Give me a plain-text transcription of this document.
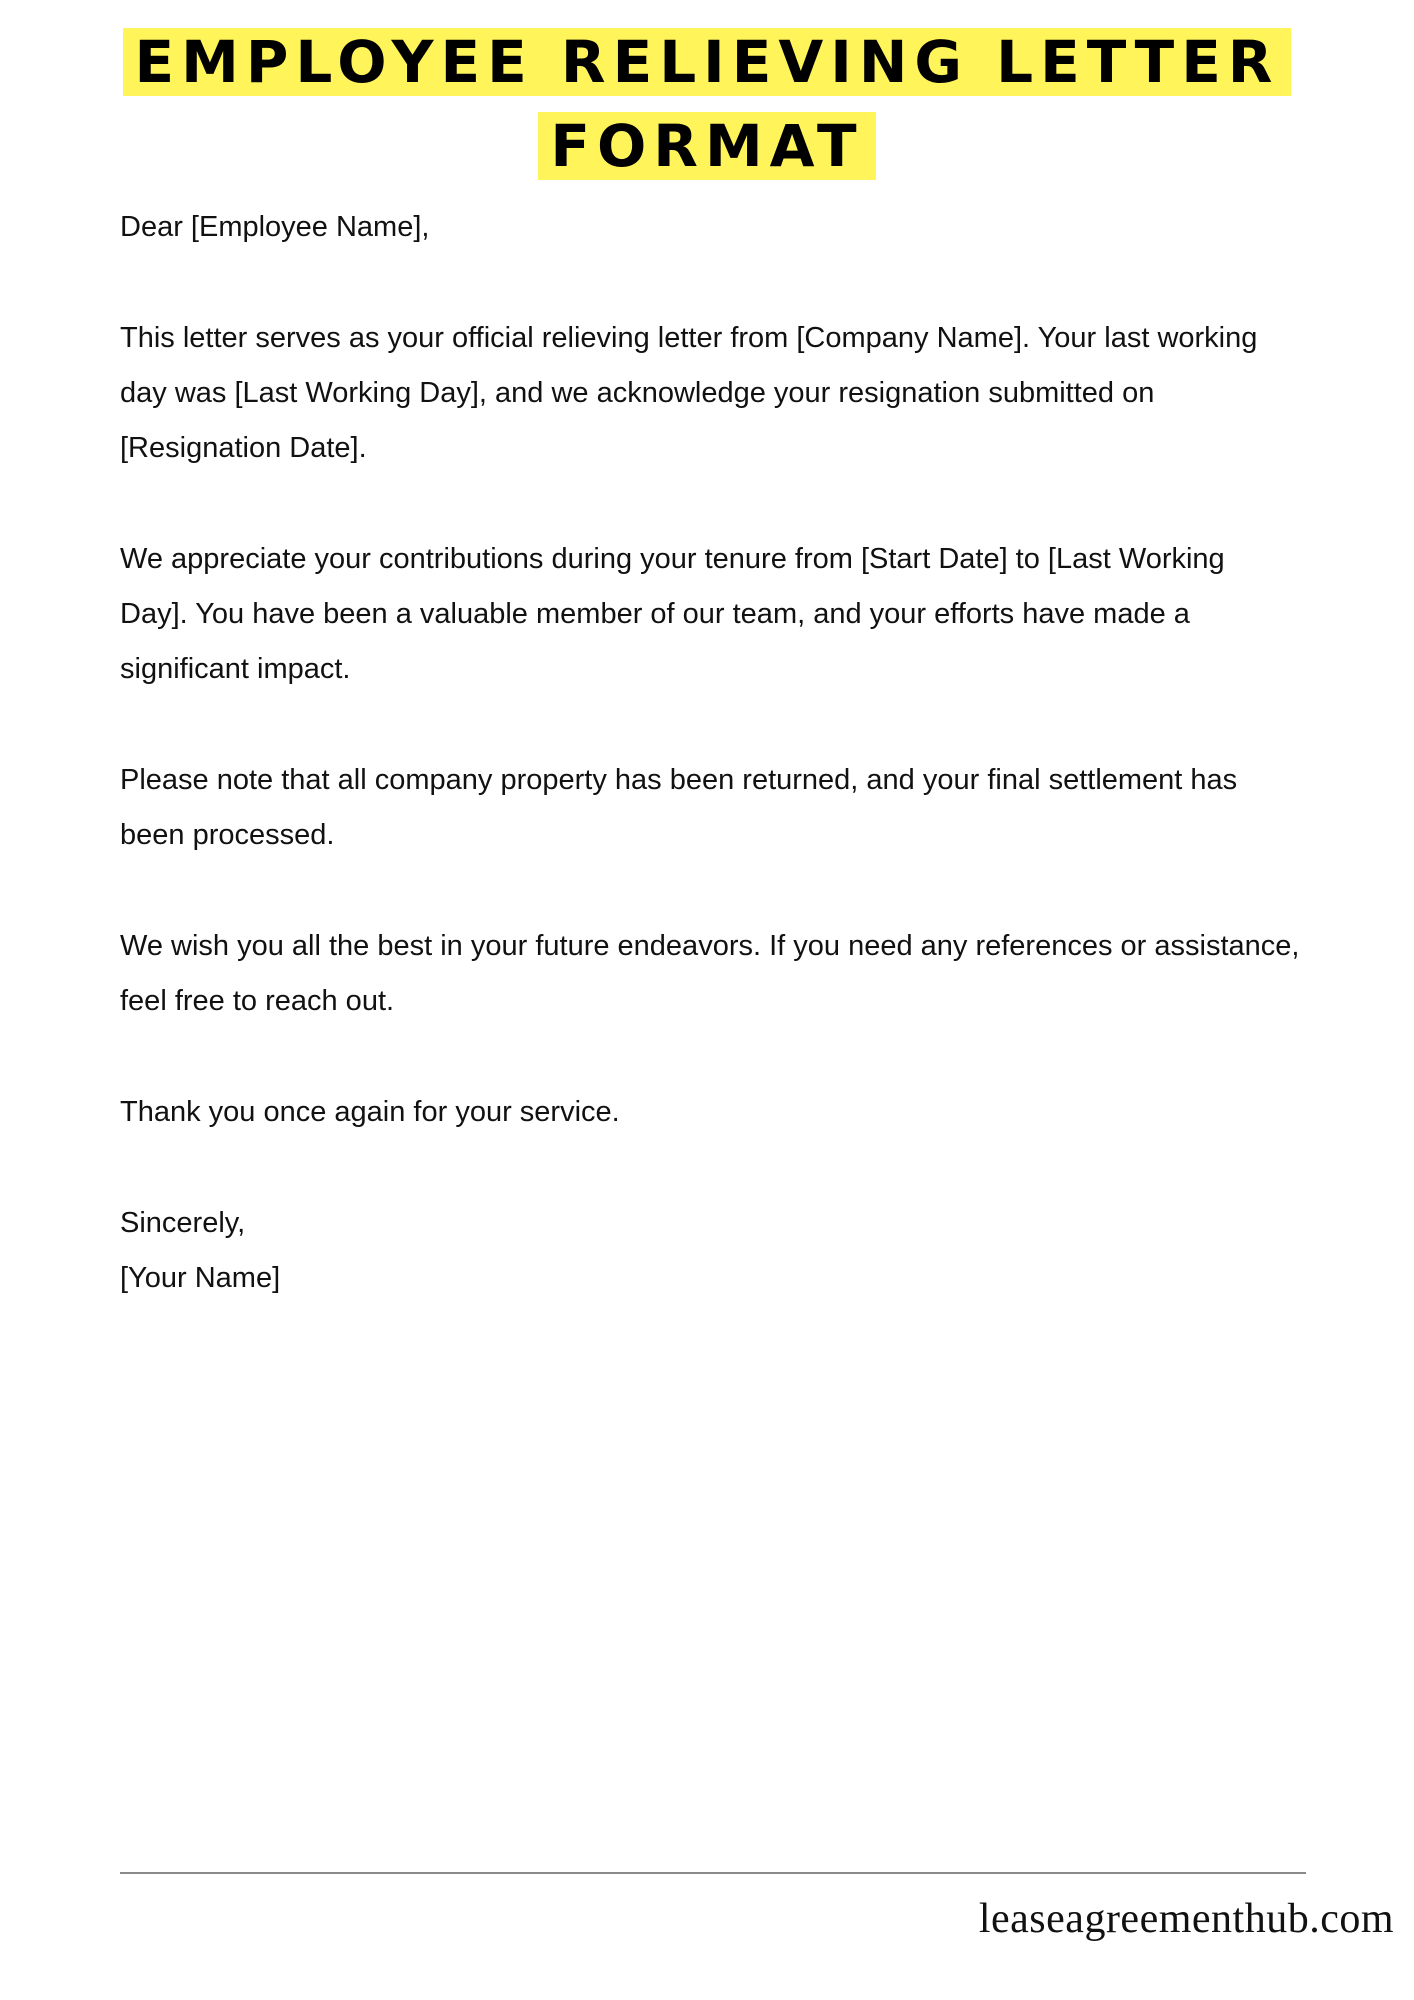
EMPLOYEE RELIEVING LETTER FORMAT

Dear [Employee Name],

This letter serves as your official relieving letter from [Company Name]. Your last working day was [Last Working Day], and we acknowledge your resignation submitted on [Resignation Date].

We appreciate your contributions during your tenure from [Start Date] to [Last Working Day]. You have been a valuable member of our team, and your efforts have made a significant impact.

Please note that all company property has been returned, and your final settlement has been processed.

We wish you all the best in your future endeavors. If you need any references or assistance, feel free to reach out.

Thank you once again for your service.

Sincerely,

[Your Name]

leaseagreementhub.com
